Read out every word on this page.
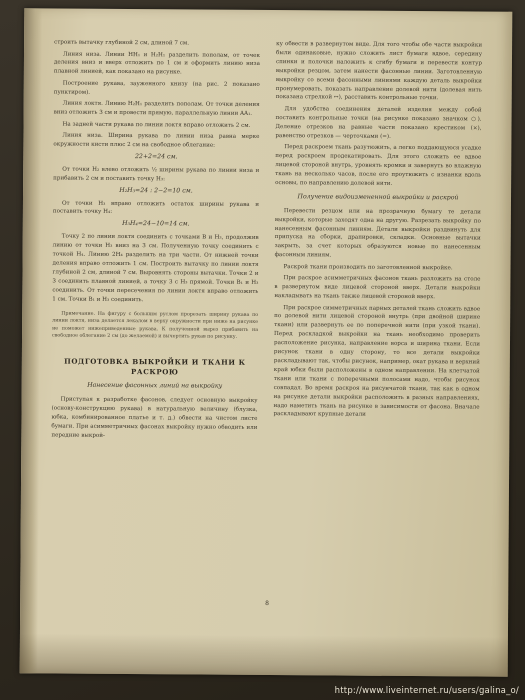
строить вытачку глубиной 2 см, длиной 7 см.

Линия низа. Линии HH₁ и H₂H₁ разделить пополам, от точек деления вниз и вверх отложить по 1 см и оформить линию низа плавной линией, как показано на рисунке.

Построение рукава, зауженного книзу (на рис. 2 показано пунктиром).

Линия локтя. Линию H₂H₁ разделить пополам. От точки деления вниз отложить 3 см и провести прямую, параллельную линии AA₁.

На задней части рукава по линии локтя вправо отложить 2 см.

Линия низа. Ширина рукава по линии низа равна мерке окружности кисти плюс 2 см на свободное облегание:

22+2=24 см.

От точки H₂ влево отложить ½ ширины рукава по линии низа и прибавить 2 см и поставить точку H₃:

H₂H₃=24 : 2−2=10 см.

От точки H₃ вправо отложить остаток ширины рукава и поставить точку H₄:

H₃H₄=24−10=14 см.

Точку 2 по линии локтя соединить с точками B и H₃, продолжив линию от точки H₃ вниз на 3 см. Полученную точку соединить с точкой H₄. Линию 2H₄ разделить на три части. От нижней точки деления вправо отложить 1 см. Построить вытачку по линии локтя глубиной 2 см, длиной 7 см. Выровнять стороны вытачки. Точки 2 и 3 соединить плавной линией, а точку 3 с H₃ прямой. Точки B₁ и H₃ соединить. От точки пересечения по линии локтя вправо отложить 1 см. Точки B₁ и H₃ соединить.

Примечание. На фигуру с большим руслом прорезать ширину рукава по линии локтя, низа делается лекалом в верху окружности при ниже на рисунке не поможет нижеприведенные рукава. К полученной вырез прибавить на свободное облегание 2 см (до желаемой) и вычертить рукав по рисунку.

ПОДГОТОВКА ВЫКРОЙКИ И ТКАНИ К РАСКРОЮ

Нанесение фасонных линий на выкройку

Приступая к разработке фасонов, следует основную выкройку (основу-конструкцию рукава) в натуральную величину (блузка, юбка, комбинированное платье и т. д.) обвести на чистом листе бумаги. При асимметричных фасонах выкройку нужно обводить или передние выкрой-

ку обвести в развернутом виде. Для того чтобы обе части выкройки были одинаковые, нужно сложить лист бумаги вдвое, середину спинки и полочки наложить к сгибу бумаги и перевести контур выкройки резцом, затем нанести фасонные линии. Заготовленную выкройку со всеми фасонными линиями каждую деталь выкройки пронумеровать, показать направление долевой нити (долевая нить показана стрелкой ↔), расставить контрольные точки.

Для удобства соединения деталей изделия между собой поставить контрольные точки (на рисунке показано значком ○). Деление отрезков на равные части показано крестиком (×), равенство отрезков — черточками (=).

Перед раскроем ткань разутюжить, а легко поддающуюся усадке перед раскроем продекатировать. Для этого сложить ее вдвое лицевой стороной внутрь, уровнять кромки и завернуть во влажную ткань на несколько часов, после его проутюжить с изнанки вдоль основы, по направлению долевой нити.

Получение видоизмененной выкройки и раскрой

Перевести резцом или на прозрачную бумагу те детали выкройки, которые заходят одна на другую. Разрезать выкройку по нанесенным фасонным линиям. Детали выкройки раздвинуть для припуска на сборки, драпировки, складки. Основные вытачки закрыть, за счет которых образуются новые по нанесенным фасонным линиям.

Раскрой ткани производить по заготовленной выкройке.

При раскрое асимметричных фасонов ткань разложить на столе в развернутом виде лицевой стороной вверх. Детали выкройки накладывать на ткань также лицевой стороной вверх.

При раскрое симметричных парных деталей ткань сложить вдвое по долевой нити лицевой стороной внутрь (при двойной ширине ткани) или развернуть ее по поперечной нити (при узкой ткани). Перед раскладкой выкройки на ткань необходимо проверить расположение рисунка, направление ворса и ширина ткани. Если рисунок ткани в одну сторону, то все детали выкройки раскладывают так, чтобы рисунок, например, окат рукава и верхний край юбки были расположены в одном направлении. На клетчатой ткани или ткани с поперечными полосами надо, чтобы рисунок совпадал. Во время раскроя на рисунчатой ткани, так как в одном на рисунке детали выкройки расположить в разных направлениях, надо наметить ткань на рисунке в зависимости от фасона. Вначале раскладывают крупные детали

8
http://www.liveinternet.ru/users/galina_o/
